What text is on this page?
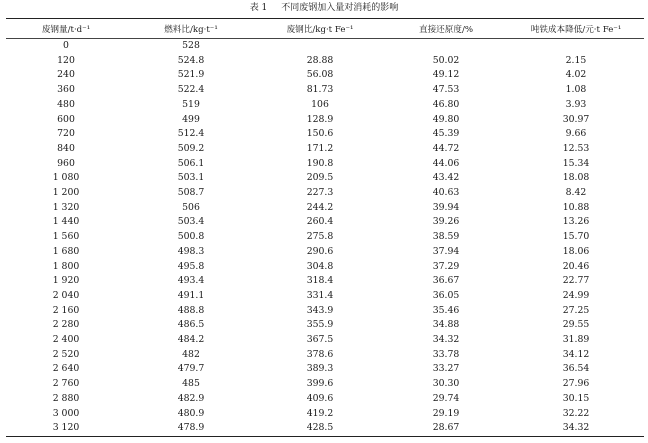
表 1 不同废钢加入量对消耗的影响
废钢量/t·d⁻¹	燃料比/kg·t⁻¹	废钢比/kg·t Fe⁻¹	直接还原度/%	吨铁成本降低/元·t Fe⁻¹
0	528			
120	524.8	28.88	50.02	2.15
240	521.9	56.08	49.12	4.02
360	522.4	81.73	47.53	1.08
480	519	106	46.80	3.93
600	499	128.9	49.80	30.97
720	512.4	150.6	45.39	9.66
840	509.2	171.2	44.72	12.53
960	506.1	190.8	44.06	15.34
1 080	503.1	209.5	43.42	18.08
1 200	508.7	227.3	40.63	8.42
1 320	506	244.2	39.94	10.88
1 440	503.4	260.4	39.26	13.26
1 560	500.8	275.8	38.59	15.70
1 680	498.3	290.6	37.94	18.06
1 800	495.8	304.8	37.29	20.46
1 920	493.4	318.4	36.67	22.77
2 040	491.1	331.4	36.05	24.99
2 160	488.8	343.9	35.46	27.25
2 280	486.5	355.9	34.88	29.55
2 400	484.2	367.5	34.32	31.89
2 520	482	378.6	33.78	34.12
2 640	479.7	389.3	33.27	36.54
2 760	485	399.6	30.30	27.96
2 880	482.9	409.6	29.74	30.15
3 000	480.9	419.2	29.19	32.22
3 120	478.9	428.5	28.67	34.32
